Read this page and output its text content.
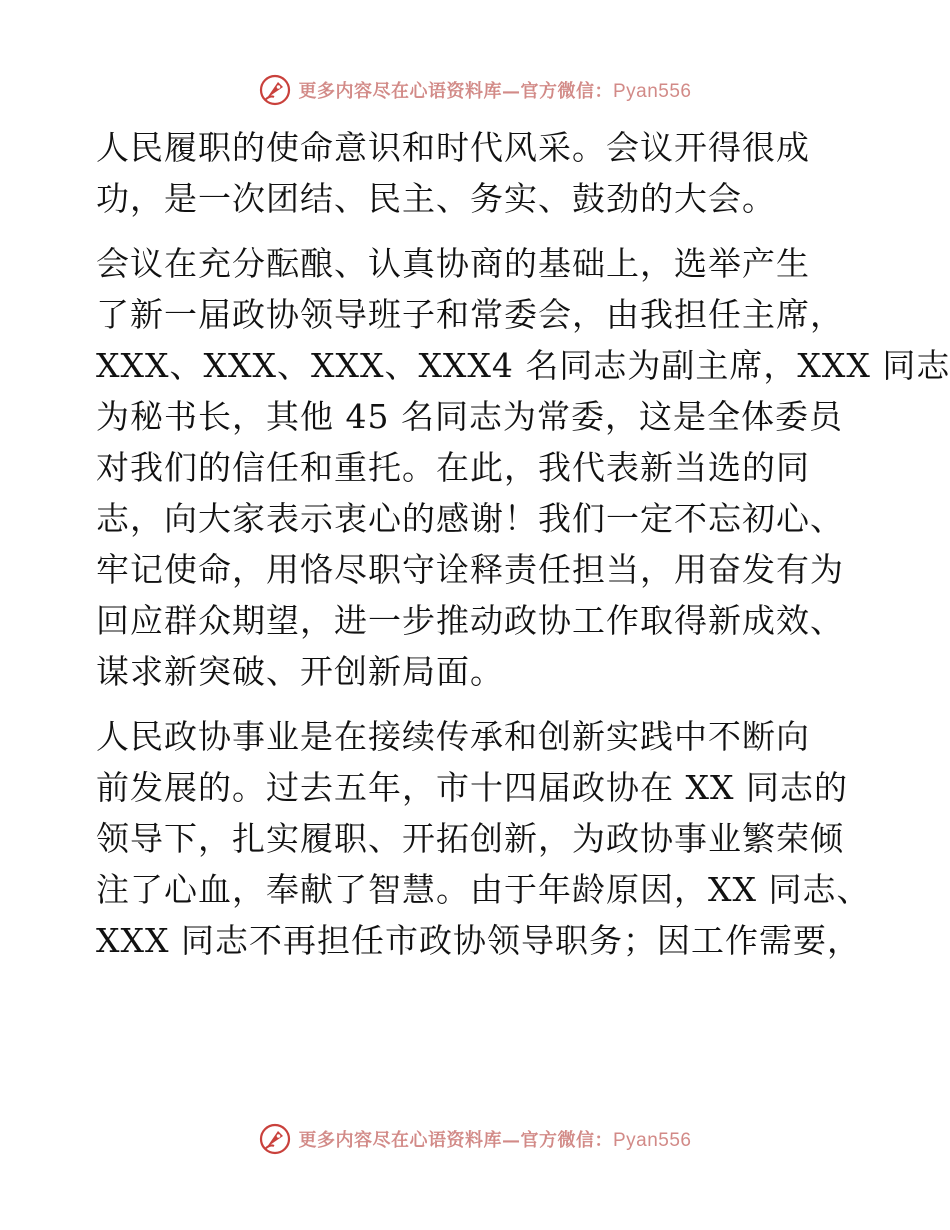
更多内容尽在心语资料库—官方微信：Pyan556

人民履职的使命意识和时代风采。会议开得很成
功，是一次团结、民主、务实、鼓劲的大会。

会议在充分酝酿、认真协商的基础上，选举产生
了新一届政协领导班子和常委会，由我担任主席，
XXX、XXX、XXX、XXX4 名同志为副主席，XXX 同志
为秘书长，其他 45 名同志为常委，这是全体委员
对我们的信任和重托。在此，我代表新当选的同
志，向大家表示衷心的感谢！我们一定不忘初心、
牢记使命，用恪尽职守诠释责任担当，用奋发有为
回应群众期望，进一步推动政协工作取得新成效、
谋求新突破、开创新局面。

人民政协事业是在接续传承和创新实践中不断向
前发展的。过去五年，市十四届政协在 XX 同志的
领导下，扎实履职、开拓创新，为政协事业繁荣倾
注了心血，奉献了智慧。由于年龄原因，XX 同志、
XXX 同志不再担任市政协领导职务；因工作需要，

更多内容尽在心语资料库—官方微信：Pyan556
